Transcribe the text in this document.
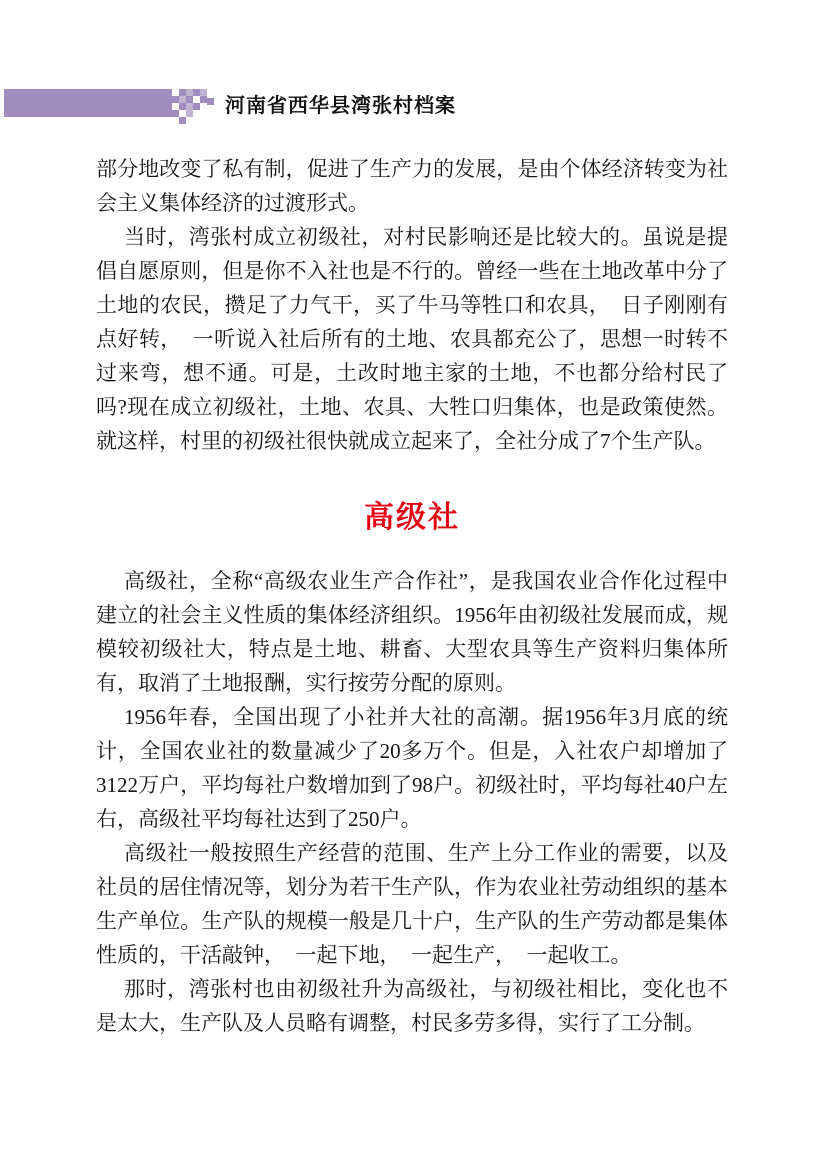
河南省西华县湾张村档案

部分地改变了私有制，促进了生产力的发展，是由个体经济转变为社会主义集体经济的过渡形式。

当时，湾张村成立初级社，对村民影响还是比较大的。虽说是提倡自愿原则，但是你不入社也是不行的。曾经一些在土地改革中分了土地的农民，攒足了力气干，买了牛马等牲口和农具，　日子刚刚有点好转，　一听说入社后所有的土地、农具都充公了，思想一时转不过来弯，想不通。可是，土改时地主家的土地，不也都分给村民了吗?现在成立初级社，土地、农具、大牲口归集体，也是政策使然。就这样，村里的初级社很快就成立起来了，全社分成了7个生产队。

高级社

高级社，全称“高级农业生产合作社”，是我国农业合作化过程中建立的社会主义性质的集体经济组织。1956年由初级社发展而成，规模较初级社大，特点是土地、耕畜、大型农具等生产资料归集体所有，取消了土地报酬，实行按劳分配的原则。

1956年春，全国出现了小社并大社的高潮。据1956年3月底的统计，全国农业社的数量减少了20多万个。但是，入社农户却增加了3122万户，平均每社户数增加到了98户。初级社时，平均每社40户左右，高级社平均每社达到了250户。

高级社一般按照生产经营的范围、生产上分工作业的需要，以及社员的居住情况等，划分为若干生产队，作为农业社劳动组织的基本生产单位。生产队的规模一般是几十户，生产队的生产劳动都是集体性质的，干活敲钟，　一起下地，　一起生产，　一起收工。

那时，湾张村也由初级社升为高级社，与初级社相比，变化也不是太大，生产队及人员略有调整，村民多劳多得，实行了工分制。
